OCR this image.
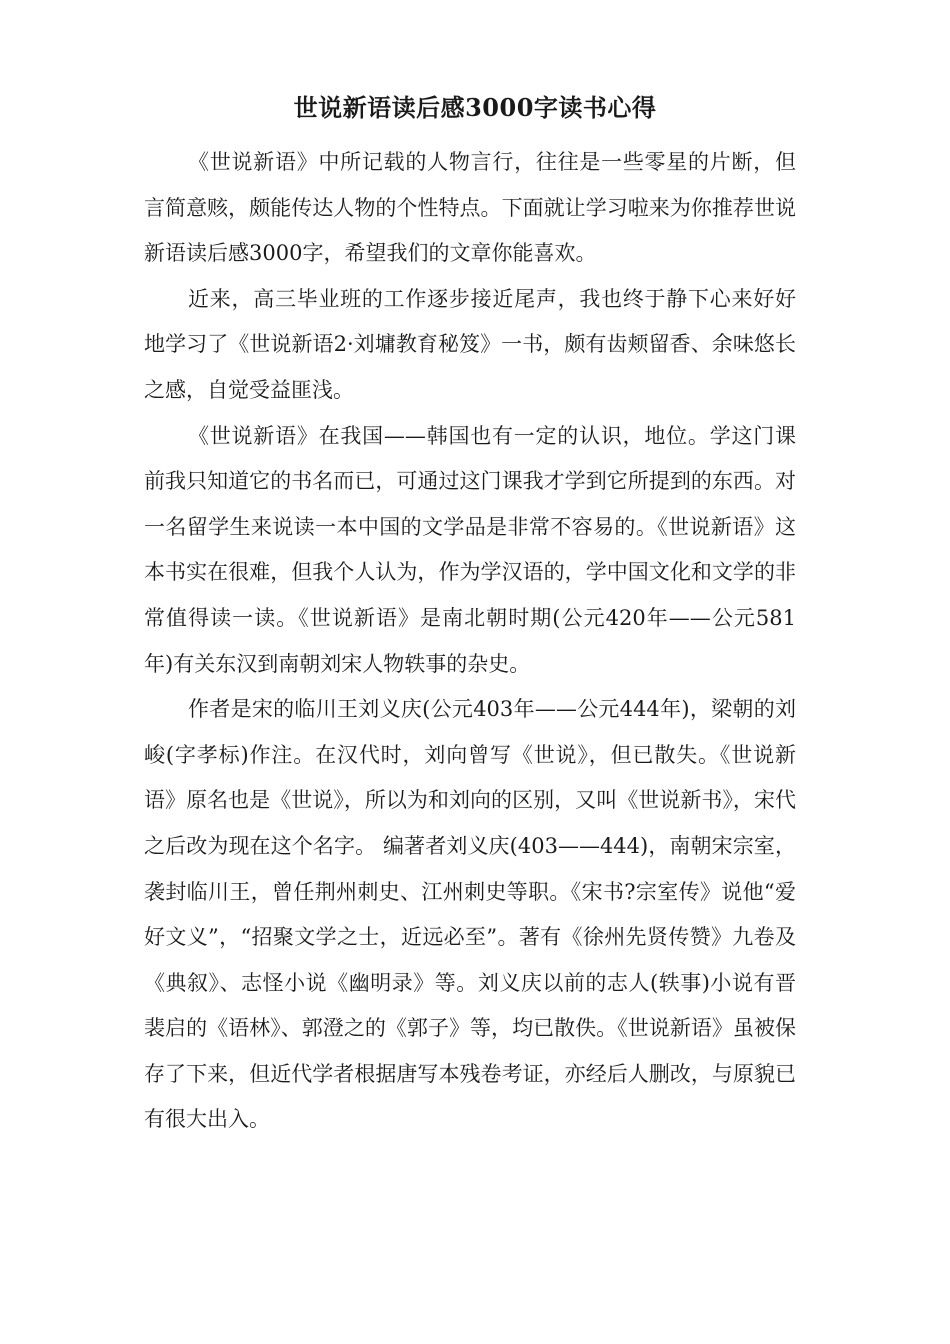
世说新语读后感3000字读书心得

《世说新语》中所记载的人物言行，往往是一些零星的片断，但言简意赅，颇能传达人物的个性特点。下面就让学习啦来为你推荐世说新语读后感3000字，希望我们的文章你能喜欢。

近来，高三毕业班的工作逐步接近尾声，我也终于静下心来好好地学习了《世说新语2·刘墉教育秘笈》一书，颇有齿颊留香、余味悠长之感，自觉受益匪浅。

《世说新语》在我国——韩国也有一定的认识，地位。学这门课前我只知道它的书名而已，可通过这门课我才学到它所提到的东西。对一名留学生来说读一本中国的文学品是非常不容易的。《世说新语》这本书实在很难，但我个人认为，作为学汉语的，学中国文化和文学的非常值得读一读。《世说新语》是南北朝时期(公元420年——公元581年)有关东汉到南朝刘宋人物轶事的杂史。

作者是宋的临川王刘义庆(公元403年——公元444年)，梁朝的刘峻(字孝标)作注。在汉代时，刘向曾写《世说》，但已散失。《世说新语》原名也是《世说》，所以为和刘向的区别，又叫《世说新书》，宋代之后改为现在这个名字。 编著者刘义庆(403——444)，南朝宋宗室，袭封临川王，曾任荆州刺史、江州刺史等职。《宋书?宗室传》说他“爱好文义”，“招聚文学之士，近远必至”。著有《徐州先贤传赞》九卷及《典叙》、志怪小说《幽明录》等。刘义庆以前的志人(轶事)小说有晋裴启的《语林》、郭澄之的《郭子》等，均已散佚。《世说新语》虽被保存了下来，但近代学者根据唐写本残卷考证，亦经后人删改，与原貌已有很大出入。
